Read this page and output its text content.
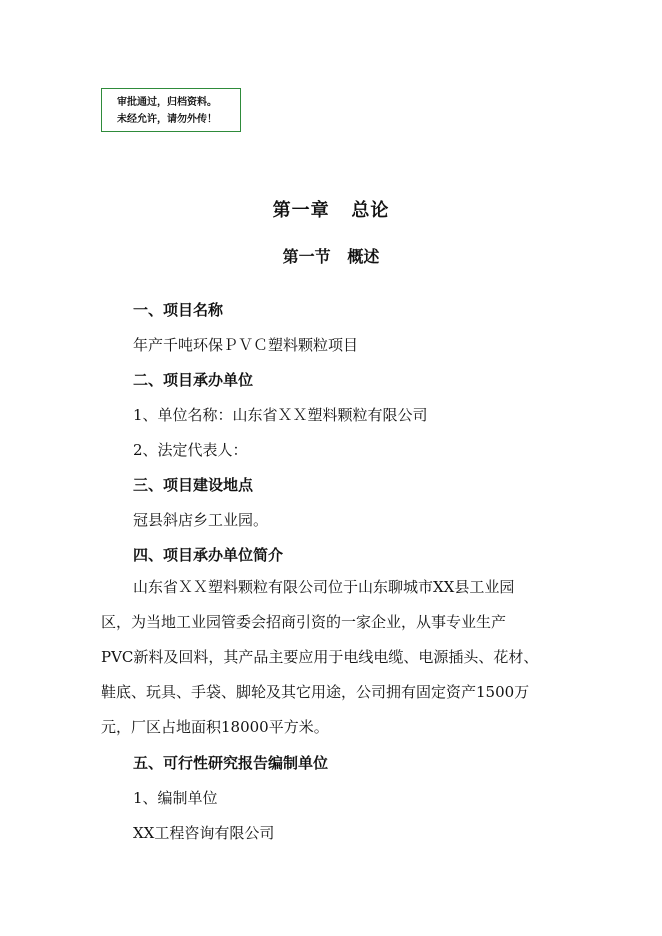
审批通过，归档资料。
未经允许，请勿外传！
第一章   总论
第一节   概述
一、项目名称
年产千吨环保ＰＶＣ塑料颗粒项目
二、项目承办单位
1、单位名称：山东省ＸＸ塑料颗粒有限公司
2、法定代表人：
三、项目建设地点
冠县斜店乡工业园。
四、项目承办单位简介
山东省ＸＸ塑料颗粒有限公司位于山东聊城市XX县工业园
区，为当地工业园管委会招商引资的一家企业，从事专业生产
PVC新料及回料，其产品主要应用于电线电缆、电源插头、花材、
鞋底、玩具、手袋、脚轮及其它用途，公司拥有固定资产1500万
元，厂区占地面积18000平方米。
五、可行性研究报告编制单位
1、编制单位
XX工程咨询有限公司
